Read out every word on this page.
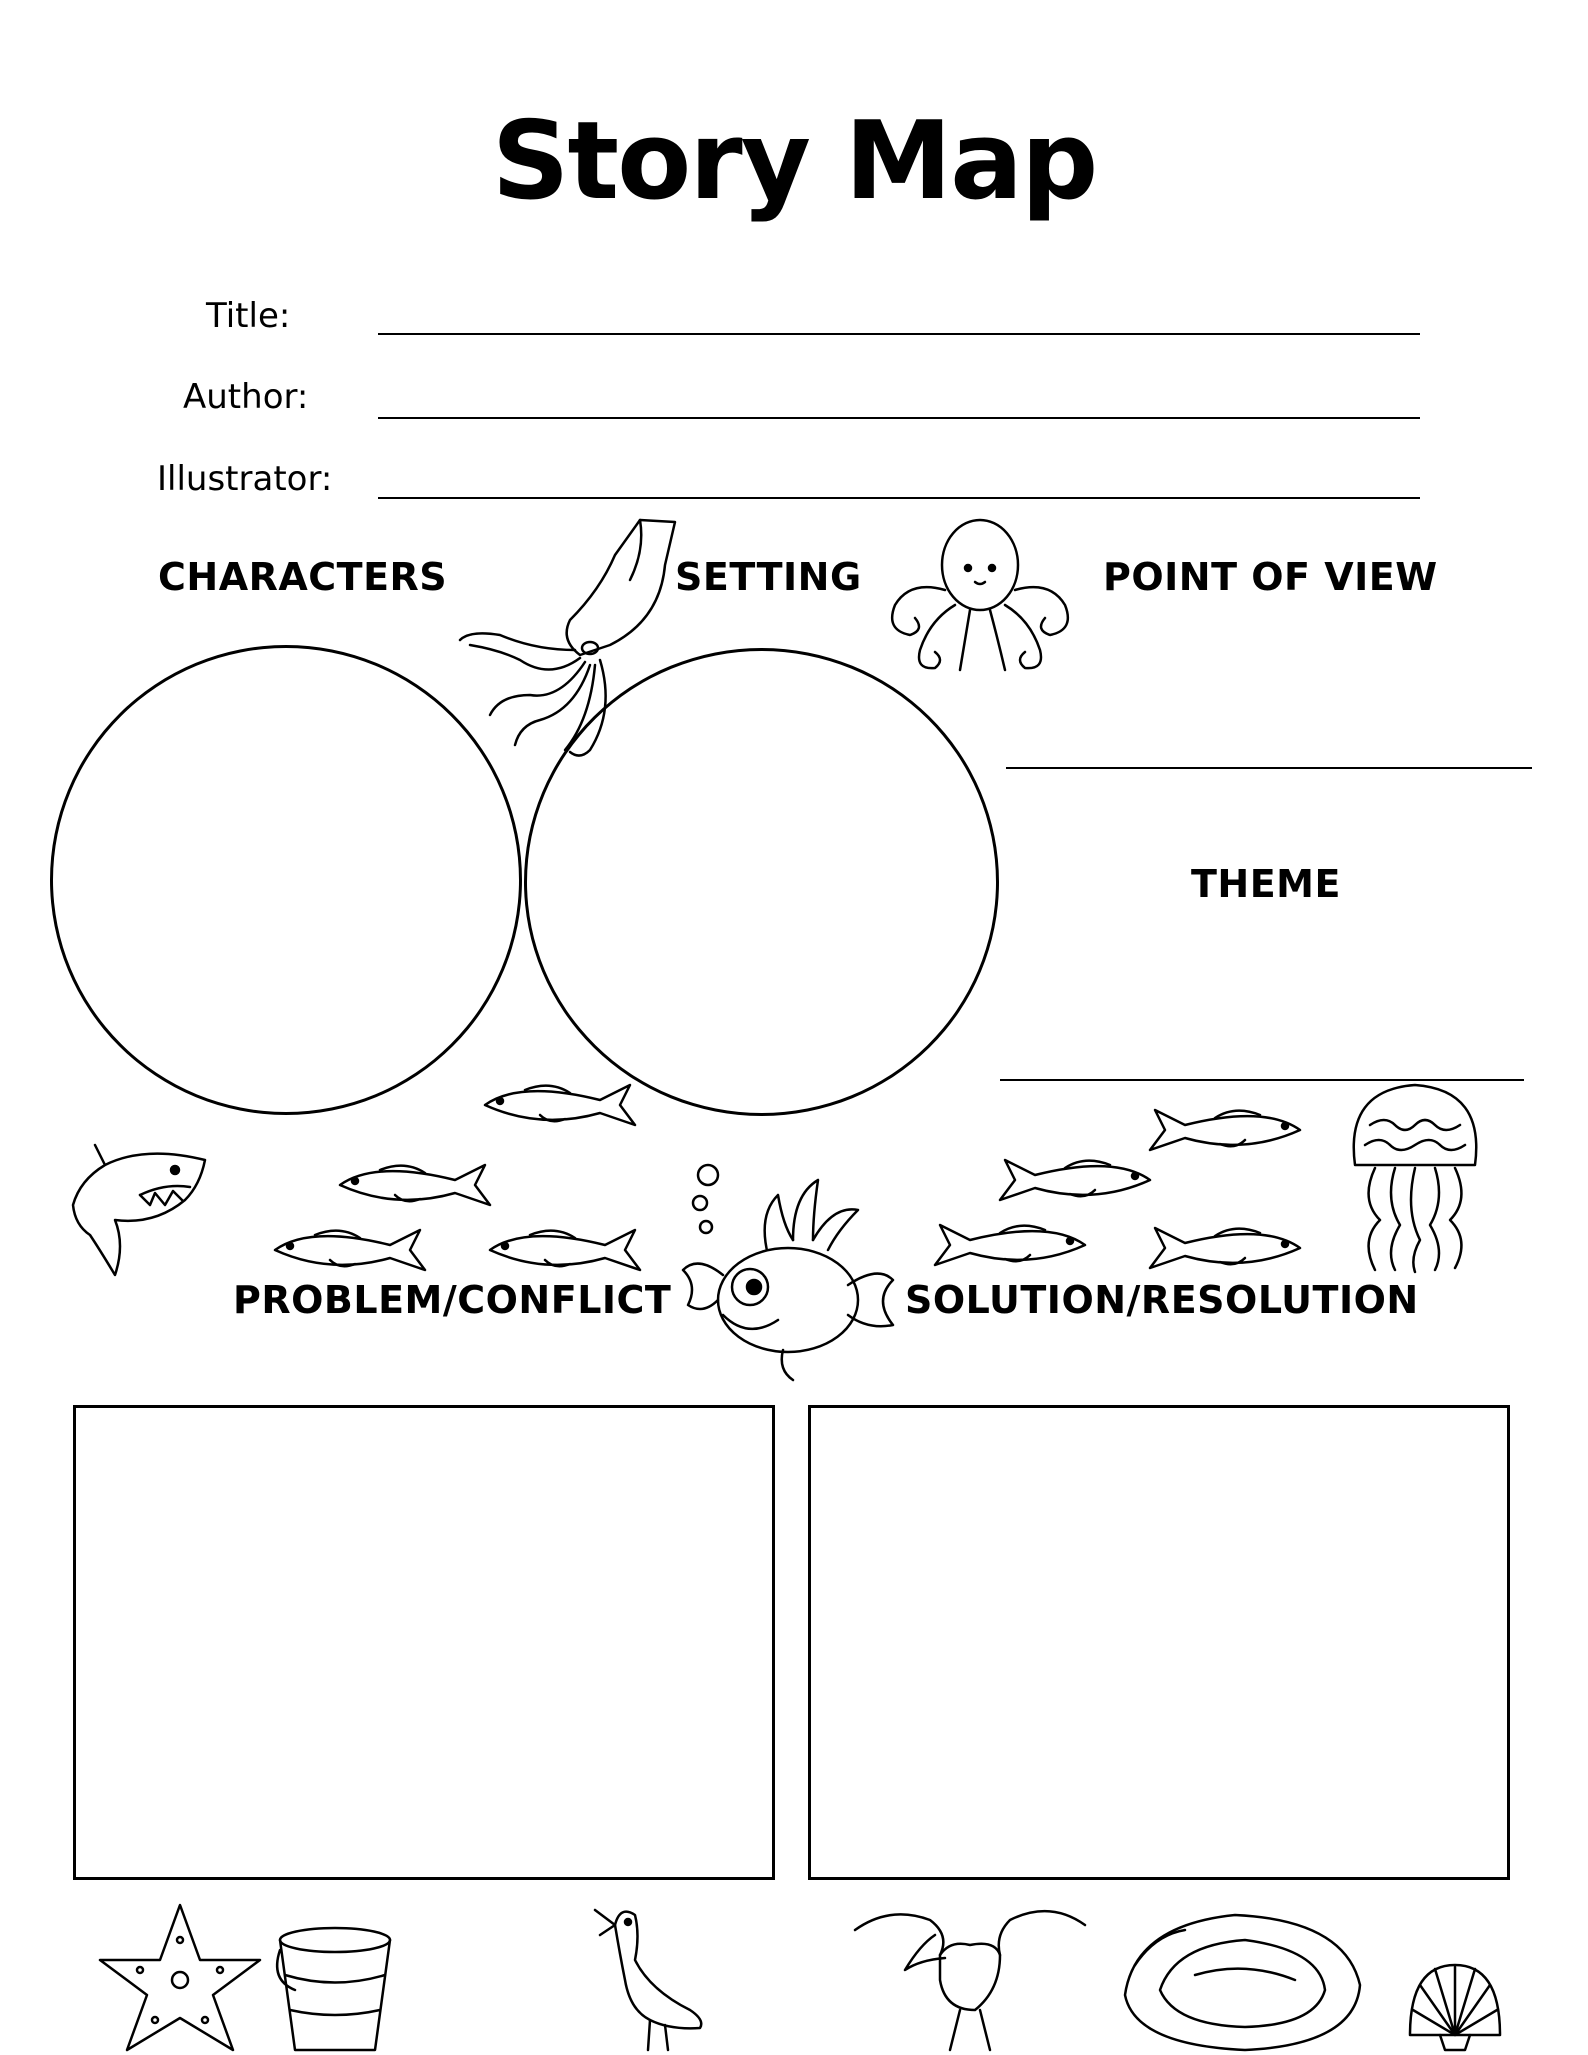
Story Map
Title:
Author:
Illustrator:
CHARACTERS	SETTING	POINT OF VIEW
THEME
PROBLEM/CONFLICT	SOLUTION/RESOLUTION
